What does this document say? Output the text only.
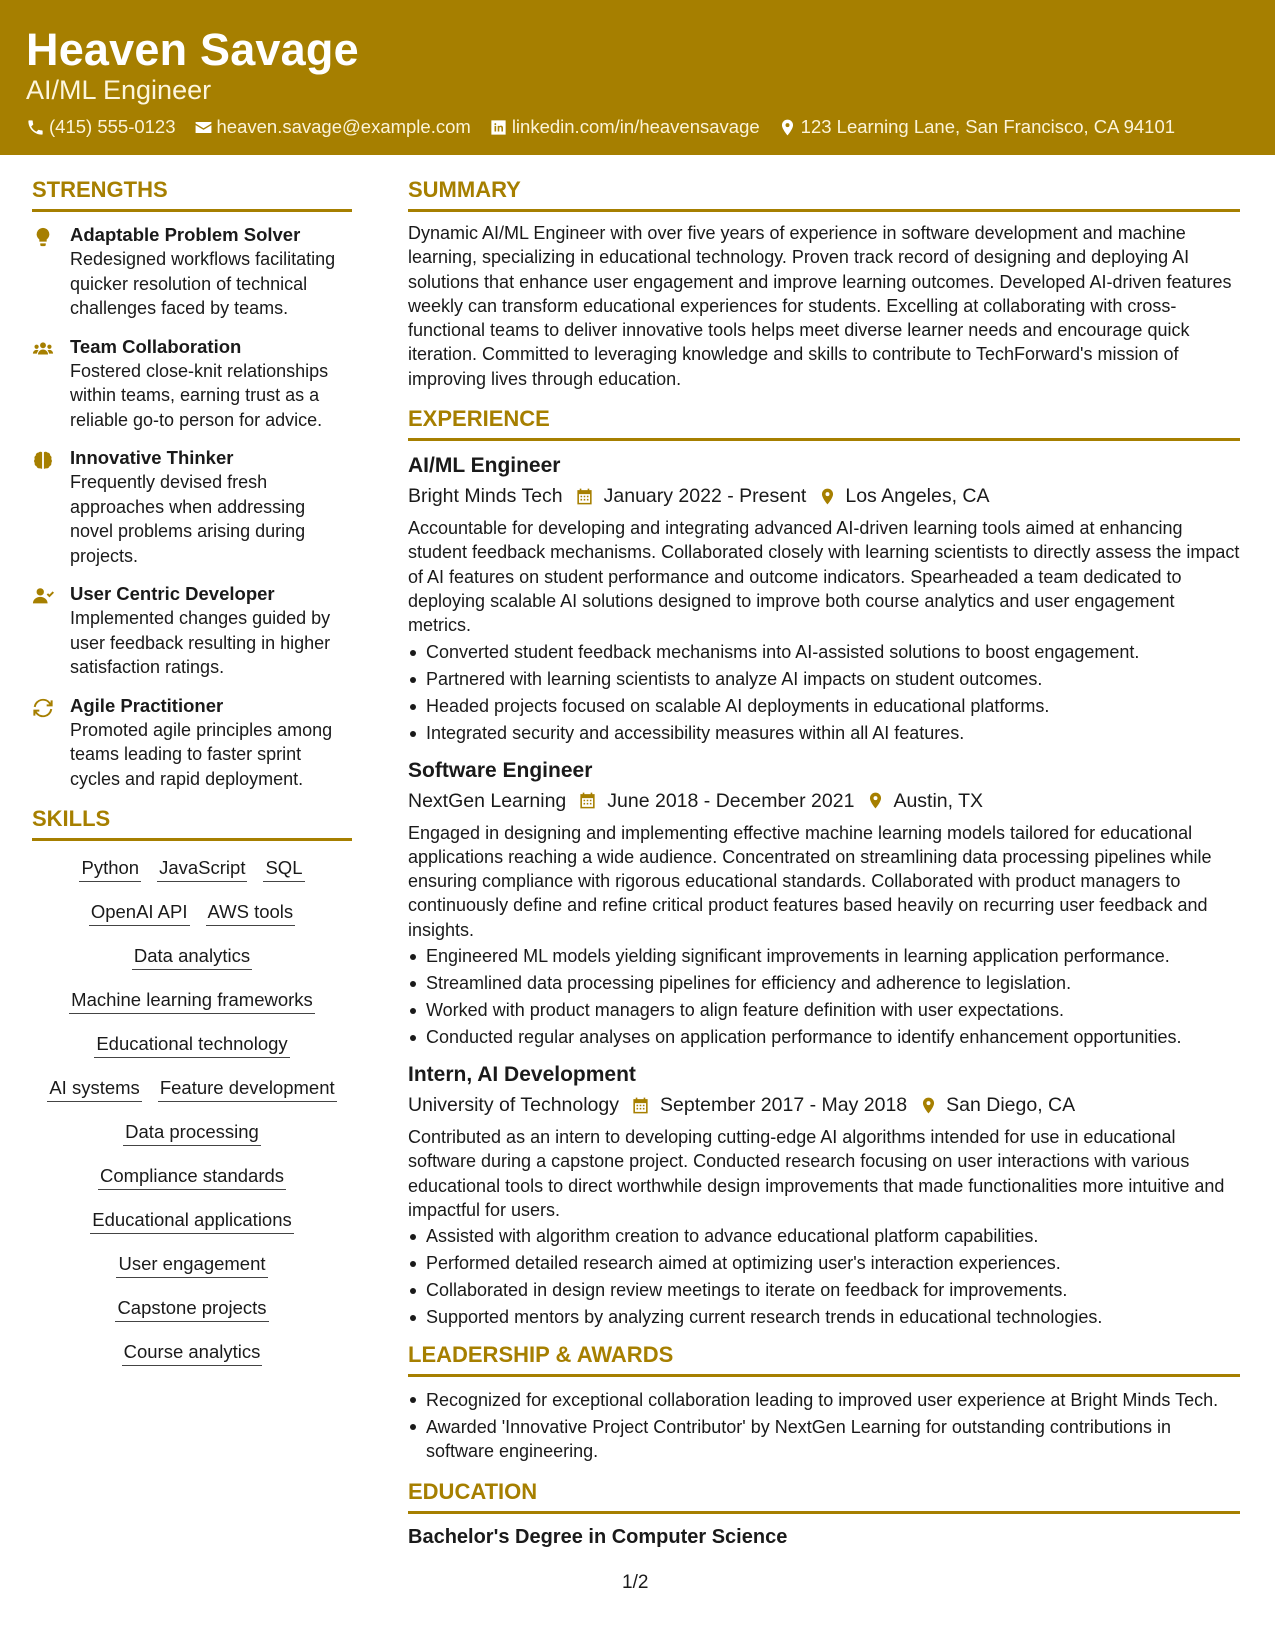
Heaven Savage
AI/ML Engineer
(415) 555-0123 heaven.savage@example.com linkedin.com/in/heavensavage 123 Learning Lane, San Francisco, CA 94101
STRENGTHS
Adaptable Problem Solver
Redesigned workflows facilitating quicker resolution of technical challenges faced by teams.
Team Collaboration
Fostered close-knit relationships within teams, earning trust as a reliable go-to person for advice.
Innovative Thinker
Frequently devised fresh approaches when addressing novel problems arising during projects.
User Centric Developer
Implemented changes guided by user feedback resulting in higher satisfaction ratings.
Agile Practitioner
Promoted agile principles among teams leading to faster sprint cycles and rapid deployment.
SKILLS
Python JavaScript SQL
OpenAI API AWS tools
Data analytics
Machine learning frameworks
Educational technology
AI systems Feature development
Data processing
Compliance standards
Educational applications
User engagement
Capstone projects
Course analytics
SUMMARY
Dynamic AI/ML Engineer with over five years of experience in software development and machine learning, specializing in educational technology. Proven track record of designing and deploying AI solutions that enhance user engagement and improve learning outcomes. Developed AI-driven features weekly can transform educational experiences for students. Excelling at collaborating with cross-functional teams to deliver innovative tools helps meet diverse learner needs and encourage quick iteration. Committed to leveraging knowledge and skills to contribute to TechForward's mission of improving lives through education.
EXPERIENCE
AI/ML Engineer
Bright Minds Tech January 2022 - Present Los Angeles, CA
Accountable for developing and integrating advanced AI-driven learning tools aimed at enhancing student feedback mechanisms. Collaborated closely with learning scientists to directly assess the impact of AI features on student performance and outcome indicators. Spearheaded a team dedicated to deploying scalable AI solutions designed to improve both course analytics and user engagement metrics.
Converted student feedback mechanisms into AI-assisted solutions to boost engagement.
Partnered with learning scientists to analyze AI impacts on student outcomes.
Headed projects focused on scalable AI deployments in educational platforms.
Integrated security and accessibility measures within all AI features.
Software Engineer
NextGen Learning June 2018 - December 2021 Austin, TX
Engaged in designing and implementing effective machine learning models tailored for educational applications reaching a wide audience. Concentrated on streamlining data processing pipelines while ensuring compliance with rigorous educational standards. Collaborated with product managers to continuously define and refine critical product features based heavily on recurring user feedback and insights.
Engineered ML models yielding significant improvements in learning application performance.
Streamlined data processing pipelines for efficiency and adherence to legislation.
Worked with product managers to align feature definition with user expectations.
Conducted regular analyses on application performance to identify enhancement opportunities.
Intern, AI Development
University of Technology September 2017 - May 2018 San Diego, CA
Contributed as an intern to developing cutting-edge AI algorithms intended for use in educational software during a capstone project. Conducted research focusing on user interactions with various educational tools to direct worthwhile design improvements that made functionalities more intuitive and impactful for users.
Assisted with algorithm creation to advance educational platform capabilities.
Performed detailed research aimed at optimizing user's interaction experiences.
Collaborated in design review meetings to iterate on feedback for improvements.
Supported mentors by analyzing current research trends in educational technologies.
LEADERSHIP & AWARDS
Recognized for exceptional collaboration leading to improved user experience at Bright Minds Tech.
Awarded 'Innovative Project Contributor' by NextGen Learning for outstanding contributions in software engineering.
EDUCATION
Bachelor's Degree in Computer Science
1/2
